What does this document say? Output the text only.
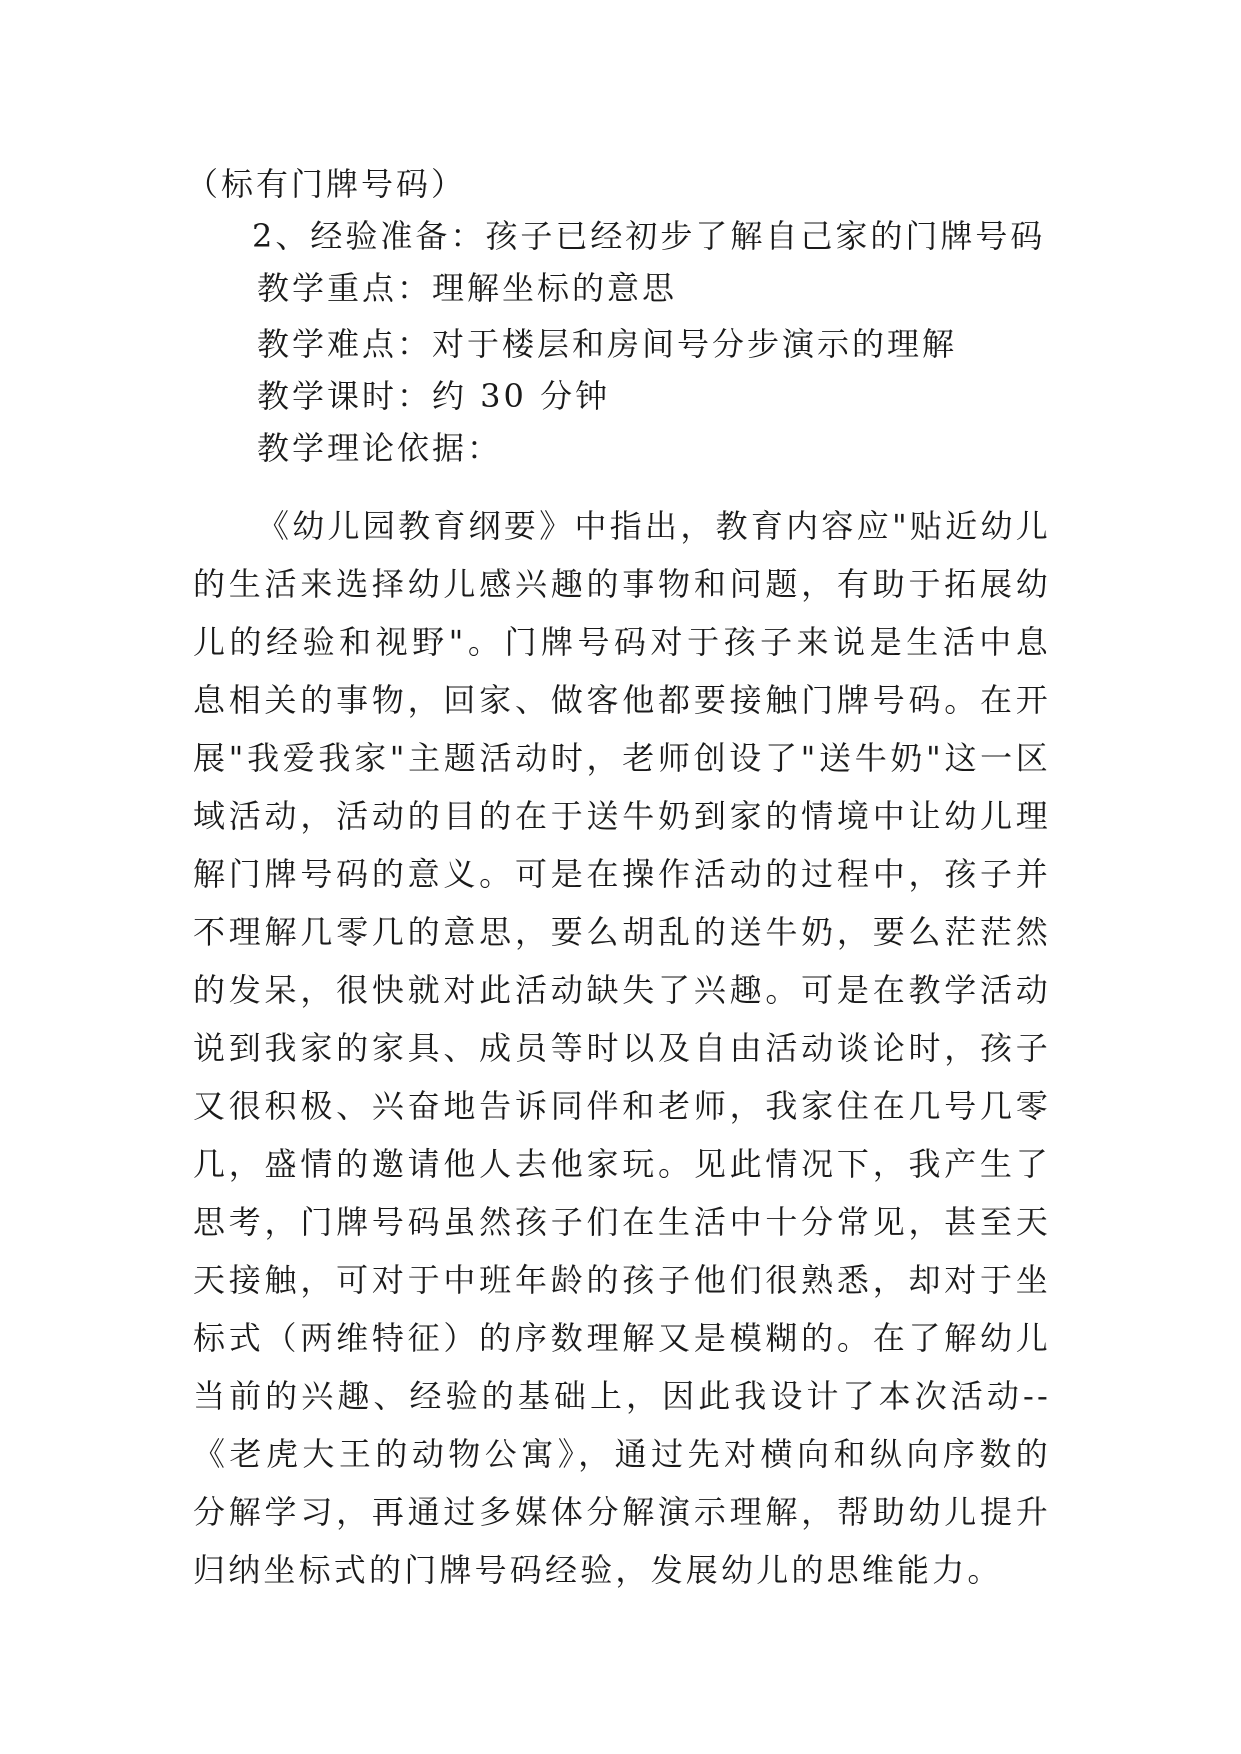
（标有门牌号码）
2、经验准备：孩子已经初步了解自己家的门牌号码
教学重点：理解坐标的意思
教学难点：对于楼层和房间号分步演示的理解
教学课时：约 30 分钟
教学理论依据：

《幼儿园教育纲要》中指出，教育内容应"贴近幼儿的生活来选择幼儿感兴趣的事物和问题，有助于拓展幼儿的经验和视野"。门牌号码对于孩子来说是生活中息息相关的事物，回家、做客他都要接触门牌号码。在开展"我爱我家"主题活动时，老师创设了"送牛奶"这一区域活动，活动的目的在于送牛奶到家的情境中让幼儿理解门牌号码的意义。可是在操作活动的过程中，孩子并不理解几零几的意思，要么胡乱的送牛奶，要么茫茫然的发呆，很快就对此活动缺失了兴趣。可是在教学活动说到我家的家具、成员等时以及自由活动谈论时，孩子又很积极、兴奋地告诉同伴和老师，我家住在几号几零几，盛情的邀请他人去他家玩。见此情况下，我产生了思考，门牌号码虽然孩子们在生活中十分常见，甚至天天接触，可对于中班年龄的孩子他们很熟悉，却对于坐标式（两维特征）的序数理解又是模糊的。在了解幼儿当前的兴趣、经验的基础上，因此我设计了本次活动--《老虎大王的动物公寓》，通过先对横向和纵向序数的分解学习，再通过多媒体分解演示理解，帮助幼儿提升归纳坐标式的门牌号码经验，发展幼儿的思维能力。
